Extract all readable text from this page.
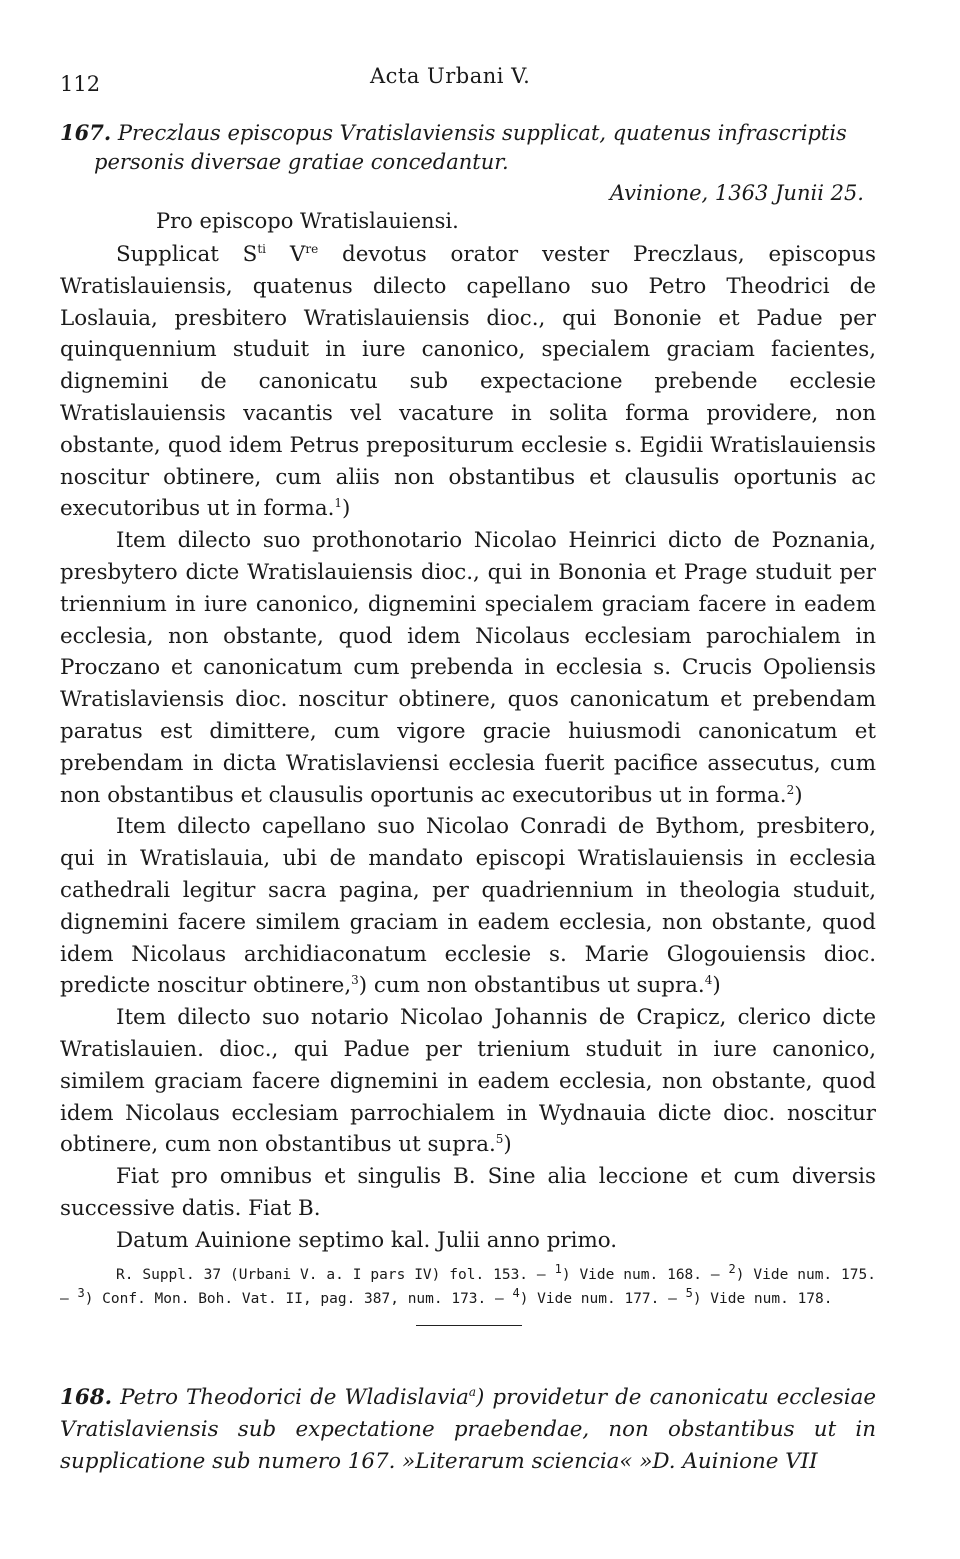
112	Acta Urbani V.
167. Preczlaus episcopus Vratislaviensis supplicat, quatenus infrascriptis personis diversae gratiae concedantur.
Avinione, 1363 Junii 25.
Pro episcopo Wratislauiensi.

Supplicat $S^{ti}$ Vre devotus orator vester Preczlaus, episcopus Wratislauiensis, quatenus dilecto capellano suo Petro Theodrici de Loslauia, presbitero Wratislauiensis dioc., qui Bononie et Padue per quinquennium studuit in iure canonico, specialem graciam facientes, dignemini de canonicatu sub expectacione prebende ecclesie Wratislauiensis vacantis vel vacature in solita forma providere, non obstante, quod idem Petrus prepositurum ecclesie s. Egidii Wratislauiensis noscitur obtinere, cum aliis non obstantibus et clausulis oportunis ac executoribus ut in forma.$^1$)

Item dilecto suo prothonotario Nicolao Heinrici dicto de Poznania, presbytero dicte Wratislauiensis dioc., qui in Bononia et Prage studuit per triennium in iure canonico, dignemini specialem graciam facere in eadem ecclesia, non obstante, quod idem Nicolaus ecclesiam parochialem in Proczano et canonicatum cum prebenda in ecclesia s. Crucis Opoliensis Wratislaviensis dioc. noscitur obtinere, quos canonicatum et prebendam paratus est dimittere, cum vigore gracie huiusmodi canonicatum et prebendam in dicta Wratislaviensi ecclesia fuerit pacifice assecutus, cum non obstantibus et clausulis oportunis ac executoribus ut in forma.$^2$)

Item dilecto capellano suo Nicolao Conradi de Bythom, presbitero, qui in Wratislauia, ubi de mandato episcopi Wratislauiensis in ecclesia cathedrali legitur sacra pagina, per quadriennium in theologia studuit, dignemini facere similem graciam in eadem ecclesia, non obstante, quod idem Nicolaus archidiaconatum ecclesie s. Marie Glogouiensis dioc. predicte noscitur obtinere,$^3$) cum non obstantibus ut supra.$^4$)

Item dilecto suo notario Nicolao Johannis de Crapicz, clerico dicte Wratislauien. dioc., qui Padue per trienium studuit in iure canonico, similem graciam facere dignemini in eadem ecclesia, non obstante, quod idem Nicolaus ecclesiam parrochialem in Wydnauia dicte dioc. noscitur obtinere, cum non obstantibus ut supra.$^5$)

Fiat pro omnibus et singulis B. Sine alia leccione et cum diversis successive datis. Fiat B.

Datum Auinione septimo kal. Julii anno primo.

R. Suppl. 37 (Urbani V. a. I pars IV) fol. 153. — $^1$) Vide num. 168. — $^2$) Vide num. 175. — $^3$) Conf. Mon. Boh. Vat. II, pag. 387, num. 173. — $^4$) Vide num. 177. — $^5$) Vide num. 178.

168. Petro Theodorici de Wladislavia$^a$) providetur de canonicatu ecclesiae Vratislaviensis sub expectatione praebendae, non obstantibus ut in supplicatione sub numero 167. »Literarum sciencia« »D. Auinione VII
